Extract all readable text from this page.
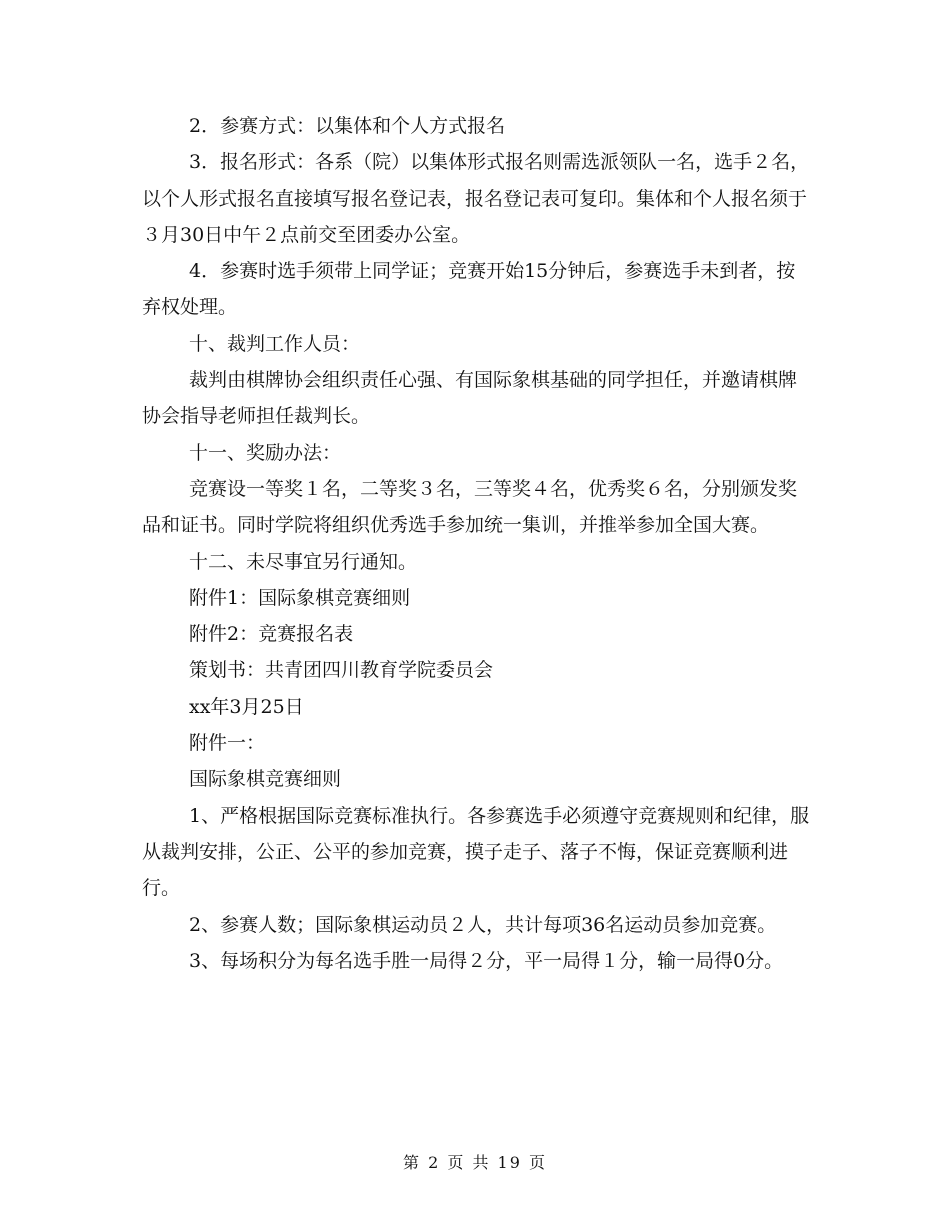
2．参赛方式：以集体和个人方式报名

3．报名形式：各系（院）以集体形式报名则需选派领队一名，选手２名，以个人形式报名直接填写报名登记表，报名登记表可复印。集体和个人报名须于３月30日中午２点前交至团委办公室。

4．参赛时选手须带上同学证；竞赛开始15分钟后，参赛选手未到者，按弃权处理。

十、裁判工作人员：

裁判由棋牌协会组织责任心强、有国际象棋基础的同学担任，并邀请棋牌协会指导老师担任裁判长。

十一、奖励办法：

竞赛设一等奖１名，二等奖３名，三等奖４名，优秀奖６名，分别颁发奖品和证书。同时学院将组织优秀选手参加统一集训，并推举参加全国大赛。

十二、未尽事宜另行通知。

附件1：国际象棋竞赛细则

附件2：竞赛报名表

策划书：共青团四川教育学院委员会

xx年3月25日

附件一：

国际象棋竞赛细则

1、严格根据国际竞赛标准执行。各参赛选手必须遵守竞赛规则和纪律，服从裁判安排，公正、公平的参加竞赛，摸子走子、落子不悔，保证竞赛顺利进行。

2、参赛人数；国际象棋运动员２人，共计每项36名运动员参加竞赛。

3、每场积分为每名选手胜一局得２分，平一局得１分，输一局得0分。

第 2 页 共 19 页
